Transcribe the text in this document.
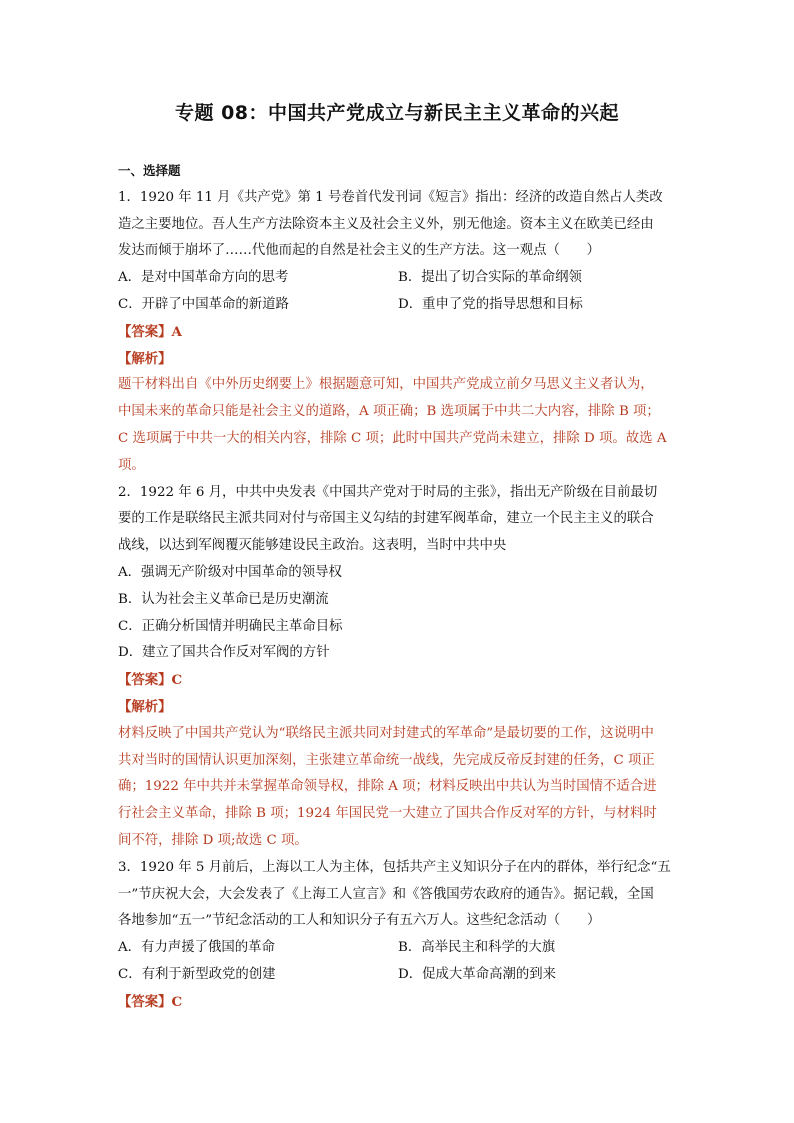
专题 08：中国共产党成立与新民主主义革命的兴起

一、选择题

1．1920 年 11 月《共产党》第 1 号卷首代发刊词《短言》指出：经济的改造自然占人类改

造之主要地位。吾人生产方法除资本主义及社会主义外，别无他途。资本主义在欧美已经由

发达而倾于崩坏了……代他而起的自然是社会主义的生产方法。这一观点（　　）

A．是对中国革命方向的思考	B．提出了切合实际的革命纲领

C．开辟了中国革命的新道路	D．重申了党的指导思想和目标

【答案】A

【解析】

题干材料出自《中外历史纲要上》根据题意可知，中国共产党成立前夕马思义主义者认为，

中国未来的革命只能是社会主义的道路，A 项正确；B 选项属于中共二大内容，排除 B 项；

C 选项属于中共一大的相关内容，排除 C 项；此时中国共产党尚未建立，排除 D 项。故选 A

项。

2．1922 年 6 月，中共中央发表《中国共产党对于时局的主张》，指出无产阶级在目前最切

要的工作是联络民主派共同对付与帝国主义勾结的封建军阀革命，建立一个民主主义的联合

战线，以达到军阀覆灭能够建设民主政治。这表明，当时中共中央

A．强调无产阶级对中国革命的领导权

B．认为社会主义革命已是历史潮流

C．正确分析国情并明确民主革命目标

D．建立了国共合作反对军阀的方针

【答案】C

【解析】

材料反映了中国共产党认为“联络民主派共同对封建式的军革命”是最切要的工作，这说明中

共对当时的国情认识更加深刻，主张建立革命统一战线，先完成反帝反封建的任务，C 项正

确；1922 年中共并未掌握革命领导权，排除 A 项；材料反映出中共认为当时国情不适合进

行社会主义革命，排除 B 项；1924 年国民党一大建立了国共合作反对军的方针，与材料时

间不符，排除 D 项;故选 C 项。

3．1920 年 5 月前后，上海以工人为主体，包括共产主义知识分子在内的群体，举行纪念“五

一”节庆祝大会，大会发表了《上海工人宣言》和《答俄国劳农政府的通告》。据记载，全国

各地参加“五一”节纪念活动的工人和知识分子有五六万人。这些纪念活动（　　）

A．有力声援了俄国的革命	B．高举民主和科学的大旗

C．有利于新型政党的创建	D．促成大革命高潮的到来

【答案】C
